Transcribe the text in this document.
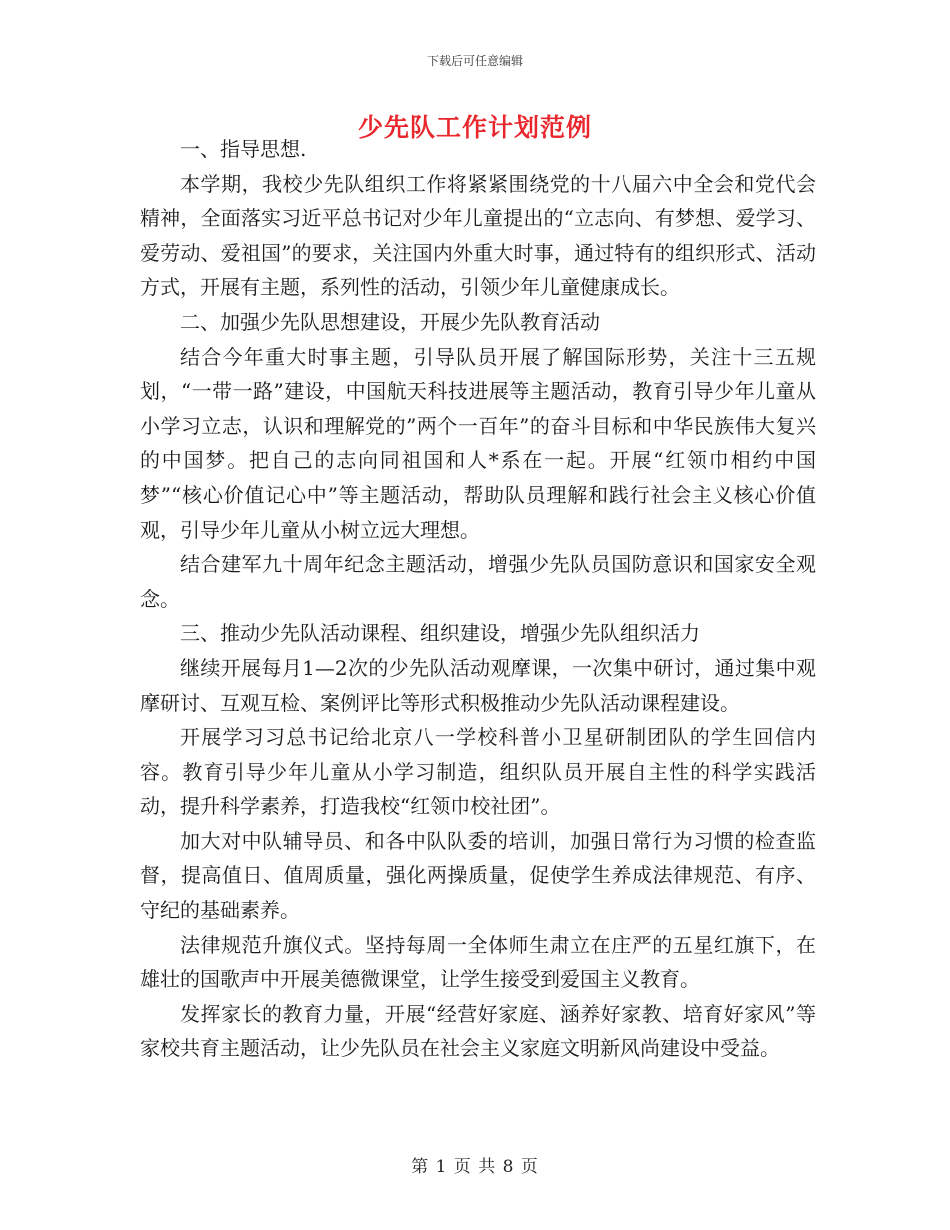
下载后可任意编辑
少先队工作计划范例

一、指导思想.

本学期，我校少先队组织工作将紧紧围绕党的十八届六中全会和党代会精神，全面落实习近平总书记对少年儿童提出的“立志向、有梦想、爱学习、爱劳动、爱祖国”的要求，关注国内外重大时事，通过特有的组织形式、活动方式，开展有主题，系列性的活动，引领少年儿童健康成长。

二、加强少先队思想建设，开展少先队教育活动

结合今年重大时事主题，引导队员开展了解国际形势，关注十三五规划，“一带一路”建设，中国航天科技进展等主题活动，教育引导少年儿童从小学习立志，认识和理解党的”两个一百年”的奋斗目标和中华民族伟大复兴的中国梦。把自己的志向同祖国和人*系在一起。开展“红领巾相约中国梦”“核心价值记心中”等主题活动，帮助队员理解和践行社会主义核心价值观，引导少年儿童从小树立远大理想。

结合建军九十周年纪念主题活动，增强少先队员国防意识和国家安全观念。

三、推动少先队活动课程、组织建设，增强少先队组织活力

继续开展每月1—2次的少先队活动观摩课，一次集中研讨，通过集中观摩研讨、互观互检、案例评比等形式积极推动少先队活动课程建设。

开展学习习总书记给北京八一学校科普小卫星研制团队的学生回信内容。教育引导少年儿童从小学习制造，组织队员开展自主性的科学实践活动，提升科学素养，打造我校“红领巾校社团”。

加大对中队辅导员、和各中队队委的培训，加强日常行为习惯的检查监督，提高值日、值周质量，强化两操质量，促使学生养成法律规范、有序、守纪的基础素养。

法律规范升旗仪式。坚持每周一全体师生肃立在庄严的五星红旗下，在雄壮的国歌声中开展美德微课堂，让学生接受到爱国主义教育。

发挥家长的教育力量，开展“经营好家庭、涵养好家教、培育好家风”等家校共育主题活动，让少先队员在社会主义家庭文明新风尚建设中受益。

第 1 页 共 8 页
